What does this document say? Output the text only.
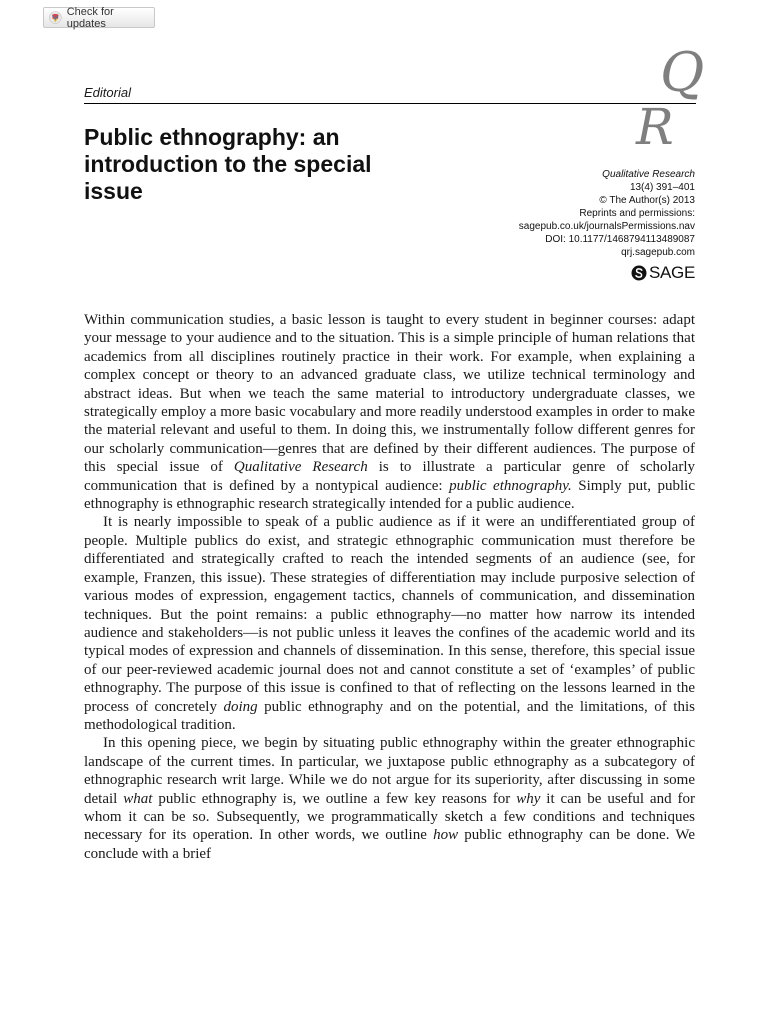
Check for updates
Q
R
Editorial
Public ethnography: an introduction to the special issue
Qualitative Research
13(4) 391–401
© The Author(s) 2013
Reprints and permissions:
sagepub.co.uk/journalsPermissions.nav
DOI: 10.1177/1468794113489087
qrj.sagepub.com
SAGE

Within communication studies, a basic lesson is taught to every student in beginner courses: adapt your message to your audience and to the situation. This is a simple principle of human relations that academics from all disciplines routinely practice in their work. For example, when explaining a complex concept or theory to an advanced graduate class, we utilize technical terminology and abstract ideas. But when we teach the same material to introductory undergraduate classes, we strategically employ a more basic vocabulary and more readily understood examples in order to make the material relevant and useful to them. In doing this, we instrumentally follow different genres for our scholarly communication—genres that are defined by their different audiences. The purpose of this special issue of Qualitative Research is to illustrate a particular genre of scholarly communication that is defined by a nontypical audience: public ethnography. Simply put, public ethnography is ethnographic research strategically intended for a public audience.

It is nearly impossible to speak of a public audience as if it were an undifferentiated group of people. Multiple publics do exist, and strategic ethnographic communication must therefore be differentiated and strategically crafted to reach the intended segments of an audience (see, for example, Franzen, this issue). These strategies of differentiation may include purposive selection of various modes of expression, engagement tactics, channels of communication, and dissemination techniques. But the point remains: a public ethnography—no matter how narrow its intended audience and stakeholders—is not public unless it leaves the confines of the academic world and its typical modes of expression and channels of dissemination. In this sense, therefore, this special issue of our peer-reviewed academic journal does not and cannot constitute a set of ‘examples’ of public ethnography. The purpose of this issue is confined to that of reflecting on the lessons learned in the process of concretely doing public ethnography and on the potential, and the limitations, of this methodological tradition.

In this opening piece, we begin by situating public ethnography within the greater ethnographic landscape of the current times. In particular, we juxtapose public ethnography as a subcategory of ethnographic research writ large. While we do not argue for its superiority, after discussing in some detail what public ethnography is, we outline a few key reasons for why it can be useful and for whom it can be so. Subsequently, we programmatically sketch a few conditions and techniques necessary for its operation. In other words, we outline how public ethnography can be done. We conclude with a brief
